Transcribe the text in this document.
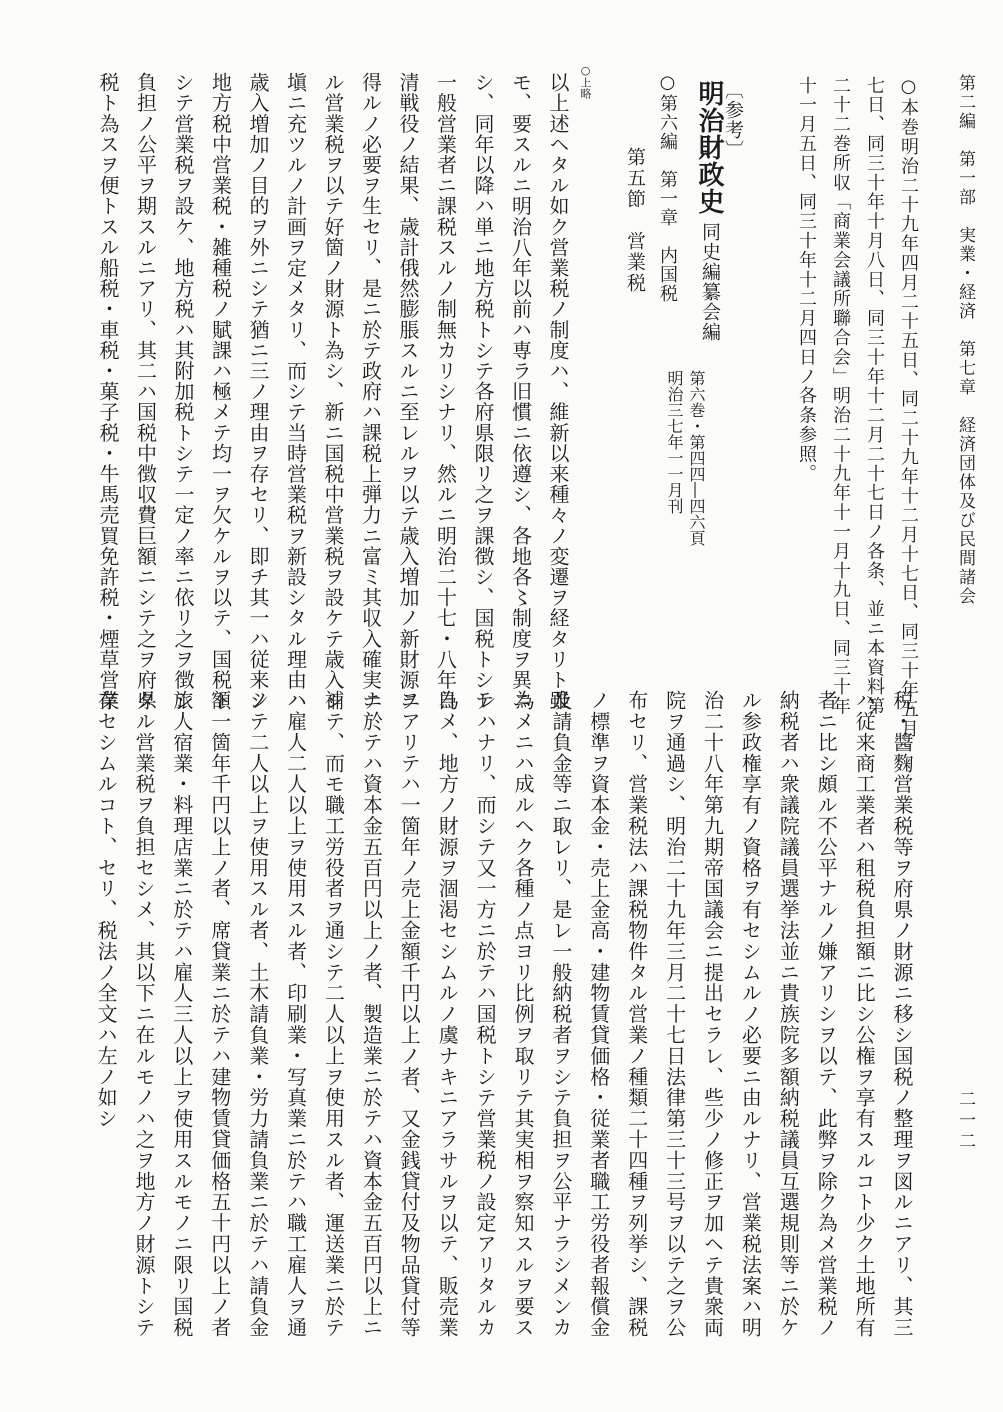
第二編　第一部　実業・経済　第七章　経済団体及び民間諸会
二一二
○本巻明治二十九年四月二十五日、同二十九年十二月十七日、同三十年五月
七日、同三十年十月八日、同三十年十二月二十七日ノ各条、並ニ本資料第
二十二巻所収「商業会議所聯合会」明治二十九年十一月十九日、同三十年
十一月五日、同三十年十二月四日ノ各条参照。
〔参考〕
明治財政史
同史編纂会編
第六巻・第四四―四六頁
明治三七年一一月刊
○第六編　第一章　内国税
第五節　営業税
○上略
以上述ヘタル如ク営業税ノ制度ハ、維新以来種々ノ変遷ヲ経タリト雖
モ、要スルニ明治八年以前ハ専ラ旧慣ニ依遵シ、各地各〻制度ヲ異ニ
シ、同年以降ハ単ニ地方税トシテ各府県限リ之ヲ課徴シ、国税トシテ
一般営業者ニ課税スルノ制無カリシナリ、然ルニ明治二十七・八年日
清戦役ノ結果、歳計俄然膨脹スルニ至レルヲ以テ歳入増加ノ新財源ヲ
得ルノ必要ヲ生セリ、是ニ於テ政府ハ課税上弾力ニ富ミ其収入確実ナ
ル営業税ヲ以テ好箇ノ財源ト為シ、新ニ国税中営業税ヲ設ケテ歳入補
塡ニ充ツルノ計画ヲ定メタリ、而シテ当時営業税ヲ新設シタル理由ハ
歳入増加ノ目的ヲ外ニシテ猶ニ三ノ理由ヲ存セリ、即チ其一ハ従来ノ
地方税中営業税・雑種税ノ賦課ハ極メテ均一ヲ欠ケルヲ以テ、国税ト
シテ営業税ヲ設ケ、地方税ハ其附加税トシテ一定ノ率ニ依リ之ヲ徴シ
負担ノ公平ヲ期スルニアリ、其二ハ国税中徴収費巨額ニシテ之ヲ府県
税ト為スヲ便トスル船税・車税・菓子税・牛馬売買免許税・煙草営業
税・醬麴営業税等ヲ府県ノ財源ニ移シ国税ノ整理ヲ図ルニアリ、其三
ハ従来商工業者ハ租税負担額ニ比シ公権ヲ享有スルコト少ク土地所有
者ニ比シ頗ル不公平ナルノ嫌アリシヲ以テ、此弊ヲ除ク為メ営業税ノ
納税者ハ衆議院議員選挙法並ニ貴族院多額納税議員互選規則等ニ於ケ
ル参政権享有ノ資格ヲ有セシムルノ必要ニ由ルナリ、営業税法案ハ明
治二十八年第九期帝国議会ニ提出セラレ、些少ノ修正ヲ加ヘテ貴衆両
院ヲ通過シ、明治二十九年三月二十七日法律第三十三号ヲ以テ之ヲ公
布セリ、営業税法ハ課税物件タル営業ノ種類二十四種ヲ列挙シ、課税
ノ標準ヲ資本金・売上金高・建物賃貸価格・従業者職工労役者報償金
及請負金等ニ取レリ、是レ一般納税者ヲシテ負担ヲ公平ナラシメンカ
為メニハ成ルヘク各種ノ点ヨリ比例ヲ取リテ其実相ヲ察知スルヲ要ス
レハナリ、而シテ又一方ニ於テハ国税トシテ営業税ノ設定アリタルカ
為メ、地方ノ財源ヲ涸渇セシムルノ虞ナキニアラサルヲ以テ、販売業
ニアリテハ一箇年ノ売上金額千円以上ノ者、又金銭貸付及物品貸付等
ニ於テハ資本金五百円以上ノ者、製造業ニ於テハ資本金五百円以上ニ
シテ、而モ職工労役者ヲ通シテ二人以上ヲ使用スル者、運送業ニ於テ
ハ雇人二人以上ヲ使用スル者、印刷業・写真業ニ於テハ職工雇人ヲ通
シテ二人以上ヲ使用スル者、土木請負業・労力請負業ニ於テハ請負金
額一箇年千円以上ノ者、席貸業ニ於テハ建物賃貸価格五十円以上ノ者
旅人宿業・料理店業ニ於テハ雇人三人以上ヲ使用スルモノニ限リ国税
タル営業税ヲ負担セシメ、其以下ニ在ルモノハ之ヲ地方ノ財源トシテ
存セシムルコト、セリ、税法ノ全文ハ左ノ如シ
